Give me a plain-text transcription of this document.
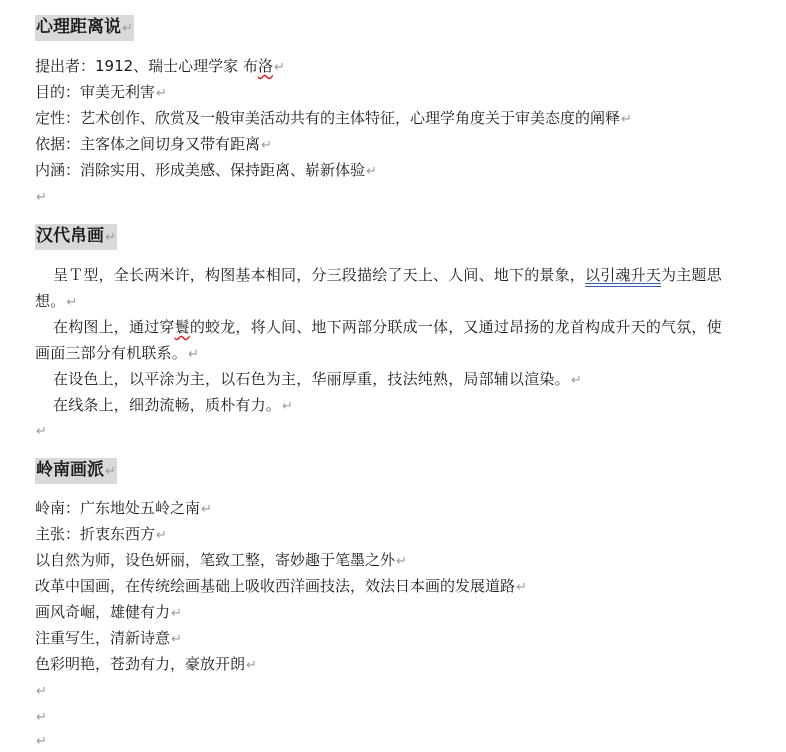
心理距离说↵
提出者：1912、瑞士心理学家 布洛↵
目的：审美无利害↵
定性：艺术创作、欣赏及一般审美活动共有的主体特征，心理学角度关于审美态度的阐释↵
依据：主客体之间切身又带有距离↵
内涵：消除实用、形成美感、保持距离、崭新体验↵
↵
汉代帛画↵
呈Ｔ型，全长两米许，构图基本相同，分三段描绘了天上、人间、地下的景象，以引魂升天为主题思想。↵
在构图上，通过穿鬟的蛟龙，将人间、地下两部分联成一体，又通过昂扬的龙首构成升天的气氛，使画面三部分有机联系。↵
在设色上，以平涂为主，以石色为主，华丽厚重，技法纯熟，局部辅以渲染。↵
在线条上，细劲流畅，质朴有力。↵
↵
岭南画派↵
岭南：广东地处五岭之南↵
主张：折衷东西方↵
以自然为师，设色妍丽，笔致工整，寄妙趣于笔墨之外↵
改革中国画，在传统绘画基础上吸收西洋画技法，效法日本画的发展道路↵
画风奇崛，雄健有力↵
注重写生，清新诗意↵
色彩明艳，苍劲有力，豪放开朗↵
↵
↵
↵
